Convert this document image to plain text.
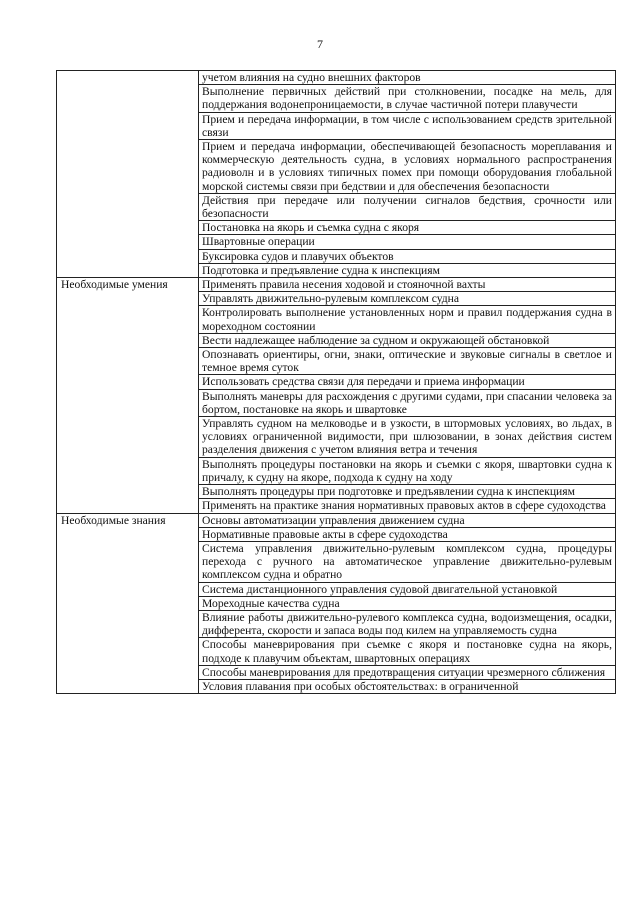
7
	учетом влияния на судно внешних факторов
	Выполнение первичных действий при столкновении, посадке на мель, для поддержания водонепроницаемости, в случае частичной потери плавучести
	Прием и передача информации, в том числе с использованием средств зрительной связи
	Прием и передача информации, обеспечивающей безопасность мореплавания и коммерческую деятельность судна, в условиях нормального распространения радиоволн и в условиях типичных помех при помощи оборудования глобальной морской системы связи при бедствии и для обеспечения безопасности
	Действия при передаче или получении сигналов бедствия, срочности или безопасности
	Постановка на якорь и съемка судна с якоря
	Швартовные операции
	Буксировка судов и плавучих объектов
	Подготовка и предъявление судна к инспекциям
Необходимые умения	Применять правила несения ходовой и стояночной вахты
	Управлять движительно-рулевым комплексом судна
	Контролировать выполнение установленных норм и правил поддержания судна в мореходном состоянии
	Вести надлежащее наблюдение за судном и окружающей обстановкой
	Опознавать ориентиры, огни, знаки, оптические и звуковые сигналы в светлое и темное время суток
	Использовать средства связи для передачи и приема информации
	Выполнять маневры для расхождения с другими судами, при спасании человека за бортом, постановке на якорь и швартовке
	Управлять судном на мелководье и в узкости, в штормовых условиях, во льдах, в условиях ограниченной видимости, при шлюзовании, в зонах действия систем разделения движения с учетом влияния ветра и течения
	Выполнять процедуры постановки на якорь и съемки с якоря, швартовки судна к причалу, к судну на якоре, подхода к судну на ходу
	Выполнять процедуры при подготовке и предъявлении судна к инспекциям
	Применять на практике знания нормативных правовых актов в сфере судоходства
Необходимые знания	Основы автоматизации управления движением судна
	Нормативные правовые акты в сфере судоходства
	Система управления движительно-рулевым комплексом судна, процедуры перехода с ручного на автоматическое управление движительно-рулевым комплексом судна и обратно
	Система дистанционного управления судовой двигательной установкой
	Мореходные качества судна
	Влияние работы движительно-рулевого комплекса судна, водоизмещения, осадки, дифферента, скорости и запаса воды под килем на управляемость судна
	Способы маневрирования при съемке с якоря и постановке судна на якорь, подходе к плавучим объектам, швартовных операциях
	Способы маневрирования для предотвращения ситуации чрезмерного сближения
	Условия плавания при особых обстоятельствах: в ограниченной
